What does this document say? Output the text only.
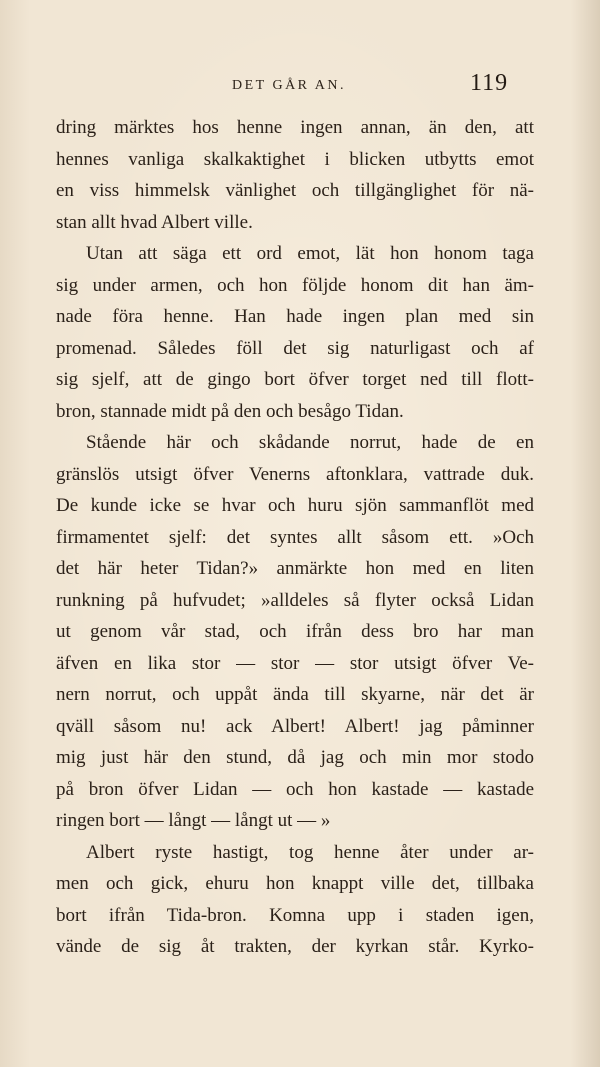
DET GÅR AN.	119
dring märktes hos henne ingen annan, än den, att
hennes vanliga skalkaktighet i blicken utbytts emot
en viss himmelsk vänlighet och tillgänglighet för nä-
stan allt hvad Albert ville.
Utan att säga ett ord emot, lät hon honom taga
sig under armen, och hon följde honom dit han äm-
nade föra henne. Han hade ingen plan med sin
promenad. Således föll det sig naturligast och af
sig sjelf, att de gingo bort öfver torget ned till flott-
bron, stannade midt på den och besågo Tidan.
Stående här och skådande norrut, hade de en
gränslös utsigt öfver Venerns aftonklara, vattrade duk.
De kunde icke se hvar och huru sjön sammanflöt med
firmamentet sjelf: det syntes allt såsom ett. »Och
det här heter Tidan?» anmärkte hon med en liten
runkning på hufvudet; »alldeles så flyter också Lidan
ut genom vår stad, och ifrån dess bro har man
äfven en lika stor — stor — stor utsigt öfver Ve-
nern norrut, och uppåt ända till skyarne, när det är
qväll såsom nu! ack Albert! Albert! jag påminner
mig just här den stund, då jag och min mor stodo
på bron öfver Lidan — och hon kastade — kastade
ringen bort — långt — långt ut — »
Albert ryste hastigt, tog henne åter under ar-
men och gick, ehuru hon knappt ville det, tillbaka
bort ifrån Tida-bron. Komna upp i staden igen,
vände de sig åt trakten, der kyrkan står. Kyrko-
